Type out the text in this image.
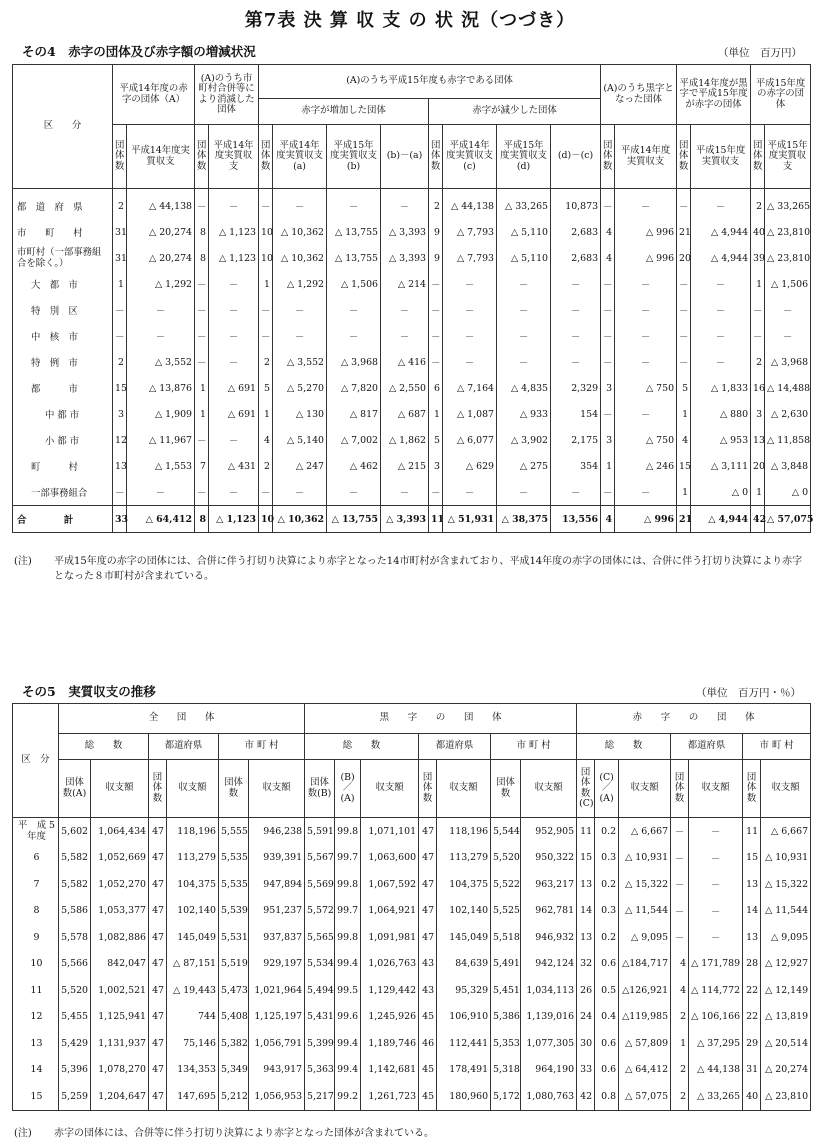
第7表 決 算 収 支 の 状 況（つづき）
その4　赤字の団体及び赤字額の増減状況	（単位　百万円）
区　　分	平成14年度の赤字の団体（A）		(A)のうち市町村合併等により消滅した団体		(A)のうち平成15年度も赤字である団体								(A)のうち黒字となった団体		平成14年度が黒字で平成15年度が赤字の団体		平成15年度の赤字の団体	
					赤字が増加した団体				赤字が減少した団体									
	団体数	平成14年度実質収支	団体数	平成14年度実質収支	団体数	平成14年度実質収支(a)	平成15年度実質収支(b)	(b)－(a)	団体数	平成14年度実質収支(c)	平成15年度実質収支(d)	(d)－(c)	団体数	平成14年度実質収支	団体数	平成15年度実質収支	団体数	平成15年度実質収支
都　道　府　県	2	△ 44,138	－	－	－	－	－	－	2	△ 44,138	△ 33,265	10,873	－	－	－	－	2	△ 33,265
市　　町　　村	31	△ 20,274	8	△ 1,123	10	△ 10,362	△ 13,755	△ 3,393	9	△ 7,793	△ 5,110	2,683	4	△ 996	21	△ 4,944	40	△ 23,810
市町村（一部事務組合を除く。）	31	△ 20,274	8	△ 1,123	10	△ 10,362	△ 13,755	△ 3,393	9	△ 7,793	△ 5,110	2,683	4	△ 996	20	△ 4,944	39	△ 23,810
大　都　市	1	△ 1,292	－	－	1	△ 1,292	△ 1,506	△ 214	－	－	－	－	－	－	－	－	1	△ 1,506
特　別　区	－	－	－	－	－	－	－	－	－	－	－	－	－	－	－	－	－	－
中　核　市	－	－	－	－	－	－	－	－	－	－	－	－	－	－	－	－	－	－
特　例　市	2	△ 3,552	－	－	2	△ 3,552	△ 3,968	△ 416	－	－	－	－	－	－	－	－	2	△ 3,968
都　　　市	15	△ 13,876	1	△ 691	5	△ 5,270	△ 7,820	△ 2,550	6	△ 7,164	△ 4,835	2,329	3	△ 750	5	△ 1,833	16	△ 14,488
中 都 市	3	△ 1,909	1	△ 691	1	△ 130	△ 817	△ 687	1	△ 1,087	△ 933	154	－	－	1	△ 880	3	△ 2,630
小 都 市	12	△ 11,967	－	－	4	△ 5,140	△ 7,002	△ 1,862	5	△ 6,077	△ 3,902	2,175	3	△ 750	4	△ 953	13	△ 11,858
町　　　村	13	△ 1,553	7	△ 431	2	△ 247	△ 462	△ 215	3	△ 629	△ 275	354	1	△ 246	15	△ 3,111	20	△ 3,848
一部事務組合	－	－	－	－	－	－	－	－	－	－	－	－	－	－	1	△ 0	1	△ 0
合　　　　計	33	△ 64,412	8	△ 1,123	10	△ 10,362	△ 13,755	△ 3,393	11	△ 51,931	△ 38,375	13,556	4	△ 996	21	△ 4,944	42	△ 57,075
(注) 平成15年度の赤字の団体には、合併に伴う打切り決算により赤字となった14市町村が含まれており、平成14年度の赤字の団体には、合併に伴う打切り決算により赤字となった８市町村が含まれている。
その5　実質収支の推移	（単位　百万円・％）
区　分	全　　団　　体						黒　　字　　の　　団　　体							赤　　字　　の　　団　　体						
	総　　数		都道府県		市 町 村		総　　数			都道府県		市 町 村		総　　数			都道府県		市 町 村	
	団体数(A)	収支額	団体数	収支額	団体数	収支額	団体数(B)	(B)／(A)	収支額	団体数	収支額	団体数	収支額	団体数(C)	(C)／(A)	収支額	団体数	収支額	団体数	収支額
平　成 5年度	5,602	1,064,434	47	118,196	5,555	946,238	5,591	99.8	1,071,101	47	118,196	5,544	952,905	11	0.2	△ 6,667	－	－	11	△ 6,667
6	5,582	1,052,669	47	113,279	5,535	939,391	5,567	99.7	1,063,600	47	113,279	5,520	950,322	15	0.3	△ 10,931	－	－	15	△ 10,931
7	5,582	1,052,270	47	104,375	5,535	947,894	5,569	99.8	1,067,592	47	104,375	5,522	963,217	13	0.2	△ 15,322	－	－	13	△ 15,322
8	5,586	1,053,377	47	102,140	5,539	951,237	5,572	99.7	1,064,921	47	102,140	5,525	962,781	14	0.3	△ 11,544	－	－	14	△ 11,544
9	5,578	1,082,886	47	145,049	5,531	937,837	5,565	99.8	1,091,981	47	145,049	5,518	946,932	13	0.2	△ 9,095	－	－	13	△ 9,095
10	5,566	842,047	47	△ 87,151	5,519	929,197	5,534	99.4	1,026,763	43	84,639	5,491	942,124	32	0.6	△184,717	4	△ 171,789	28	△ 12,927
11	5,520	1,002,521	47	△ 19,443	5,473	1,021,964	5,494	99.5	1,129,442	43	95,329	5,451	1,034,113	26	0.5	△126,921	4	△ 114,772	22	△ 12,149
12	5,455	1,125,941	47	744	5,408	1,125,197	5,431	99.6	1,245,926	45	106,910	5,386	1,139,016	24	0.4	△119,985	2	△ 106,166	22	△ 13,819
13	5,429	1,131,937	47	75,146	5,382	1,056,791	5,399	99.4	1,189,746	46	112,441	5,353	1,077,305	30	0.6	△ 57,809	1	△ 37,295	29	△ 20,514
14	5,396	1,078,270	47	134,353	5,349	943,917	5,363	99.4	1,142,681	45	178,491	5,318	964,190	33	0.6	△ 64,412	2	△ 44,138	31	△ 20,274
15	5,259	1,204,647	47	147,695	5,212	1,056,953	5,217	99.2	1,261,723	45	180,960	5,172	1,080,763	42	0.8	△ 57,075	2	△ 33,265	40	△ 23,810
(注) 赤字の団体には、合併等に伴う打切り決算により赤字となった団体が含まれている。
